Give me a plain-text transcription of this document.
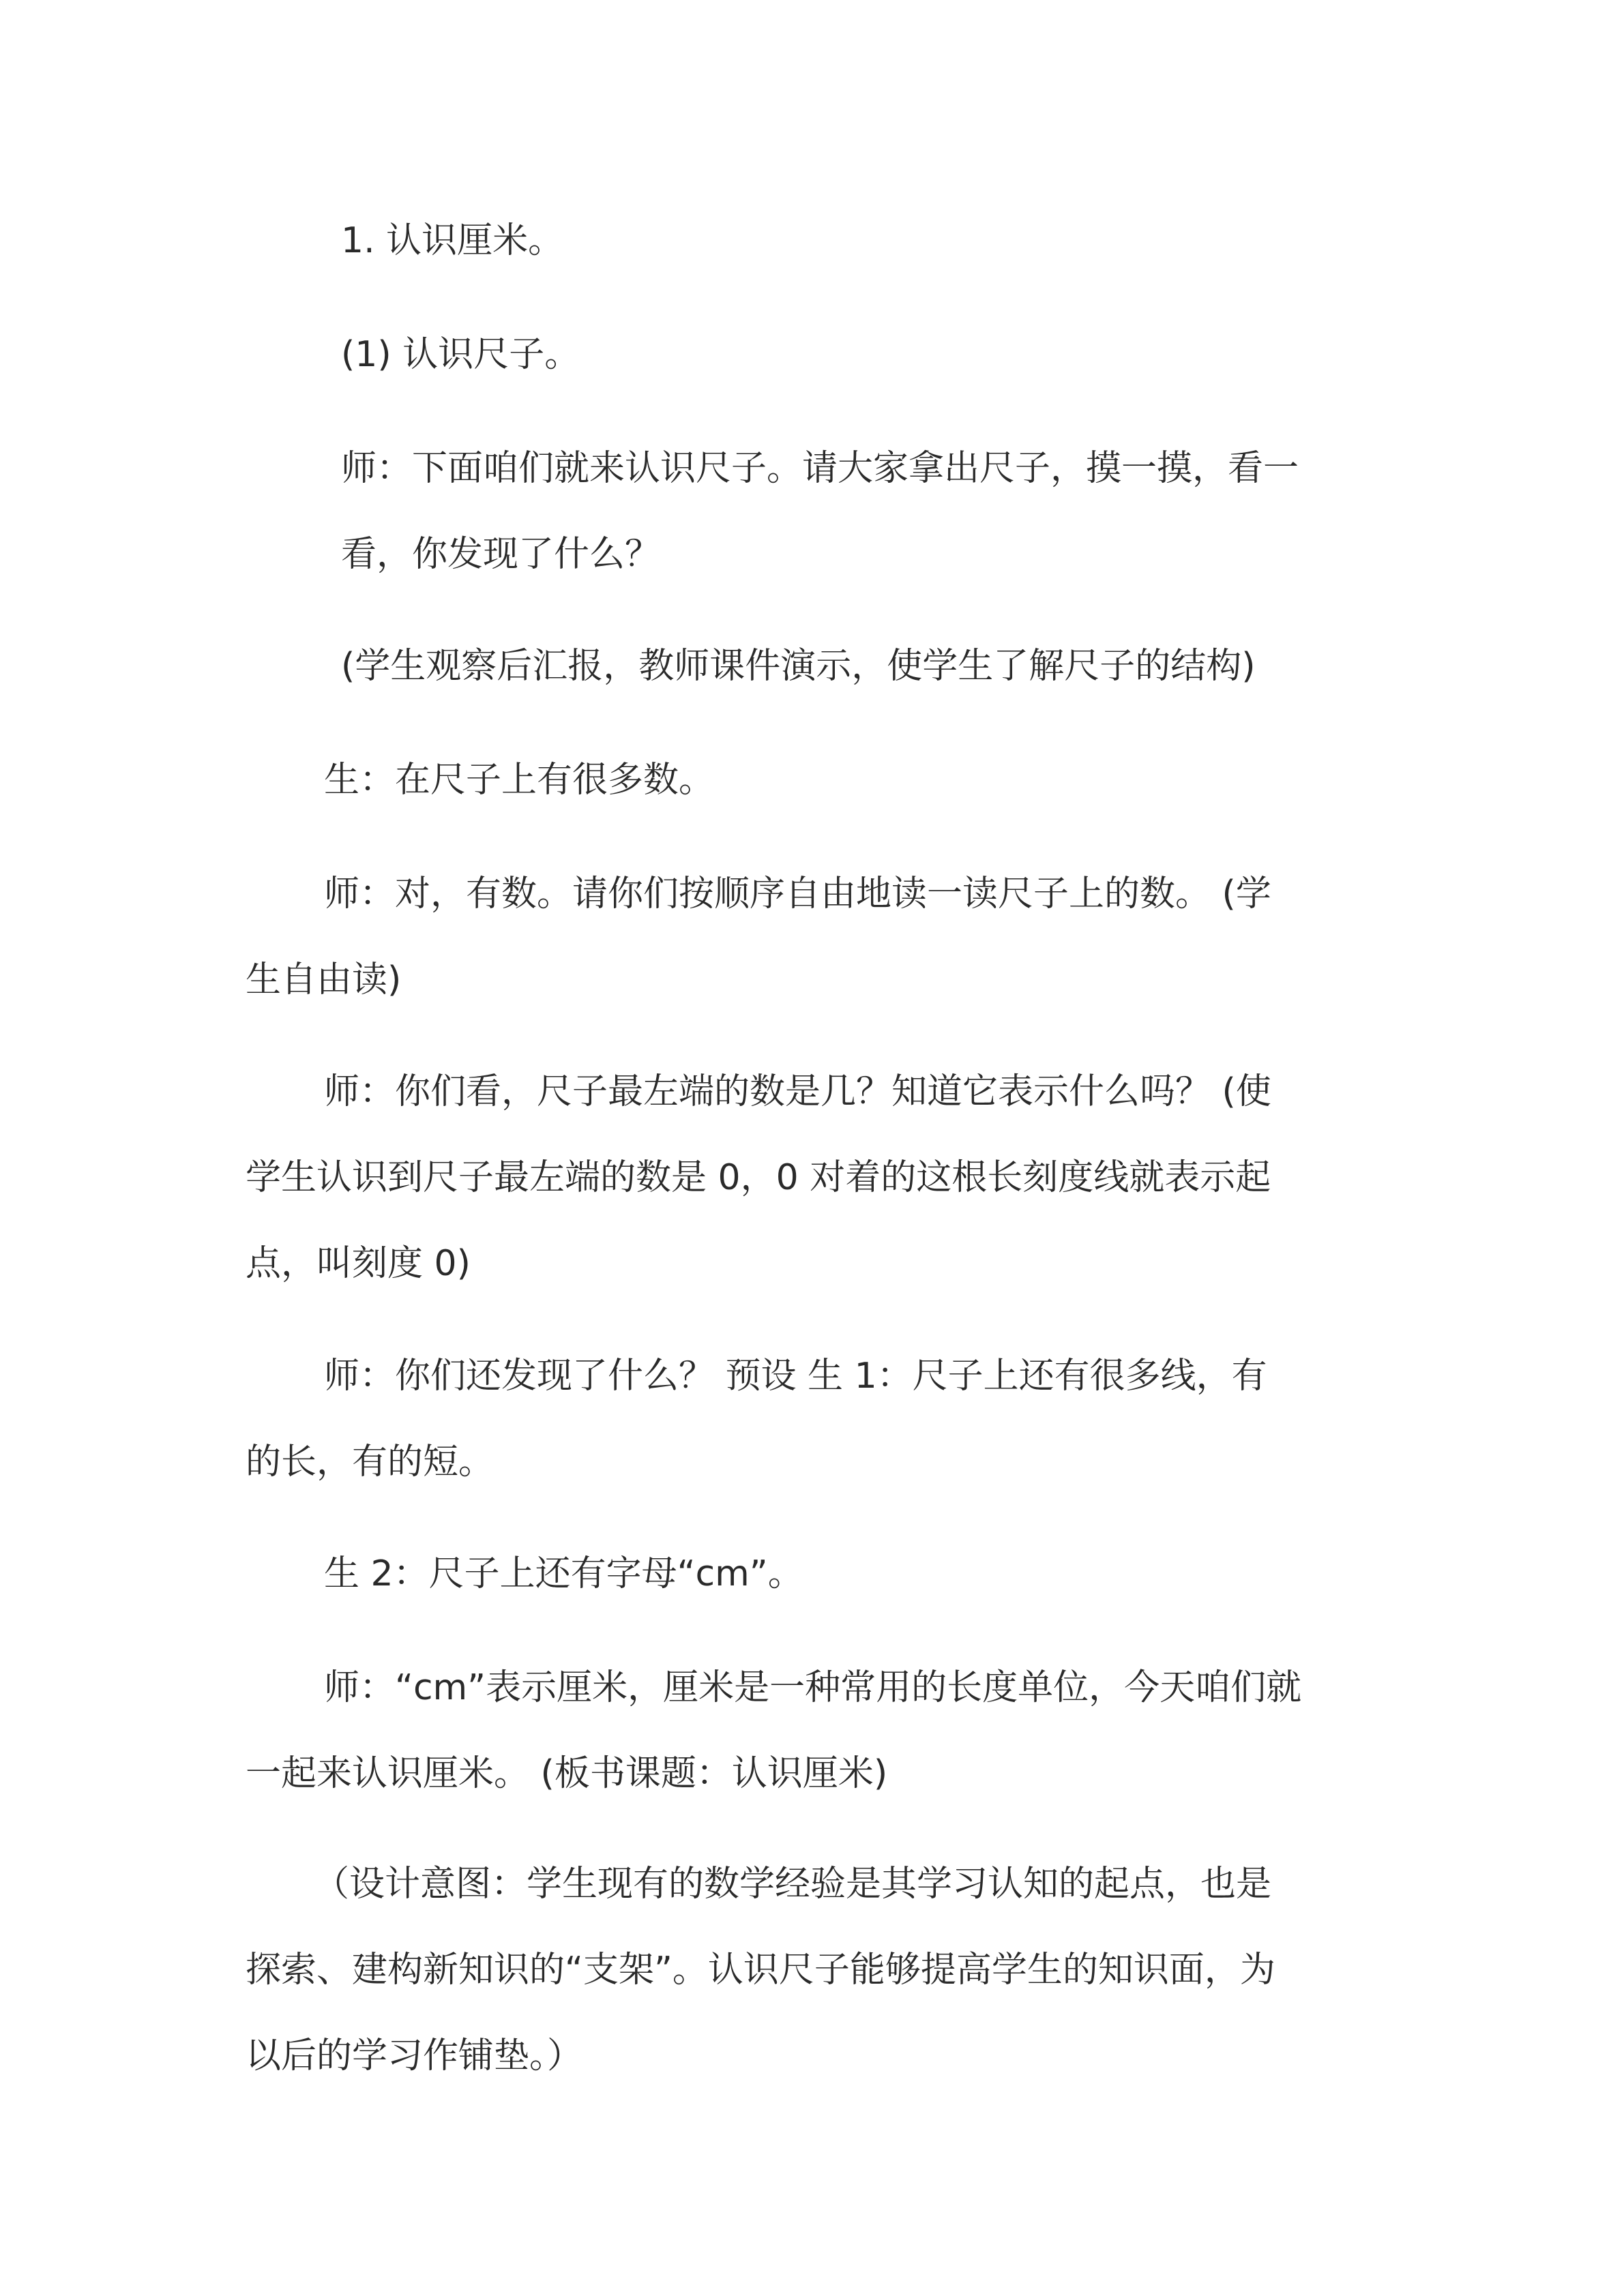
1. 认识厘米。
(1) 认识尺子。
师：下面咱们就来认识尺子。请大家拿出尺子，摸一摸，看一
看，你发现了什么？
(学生观察后汇报，教师课件演示，使学生了解尺子的结构)
生：在尺子上有很多数。
师：对，有数。请你们按顺序自由地读一读尺子上的数。 (学
生自由读)
师：你们看，尺子最左端的数是几？知道它表示什么吗？ (使
学生认识到尺子最左端的数是 0，0 对着的这根长刻度线就表示起
点，叫刻度 0)
师：你们还发现了什么？ 预设 生 1：尺子上还有很多线，有
的长，有的短。
生 2：尺子上还有字母“cm”。
师：“cm”表示厘米，厘米是一种常用的长度单位，今天咱们就
一起来认识厘米。 (板书课题：认识厘米)
（设计意图：学生现有的数学经验是其学习认知的起点，也是
探索、建构新知识的“支架”。认识尺子能够提高学生的知识面，为
以后的学习作铺垫。）
